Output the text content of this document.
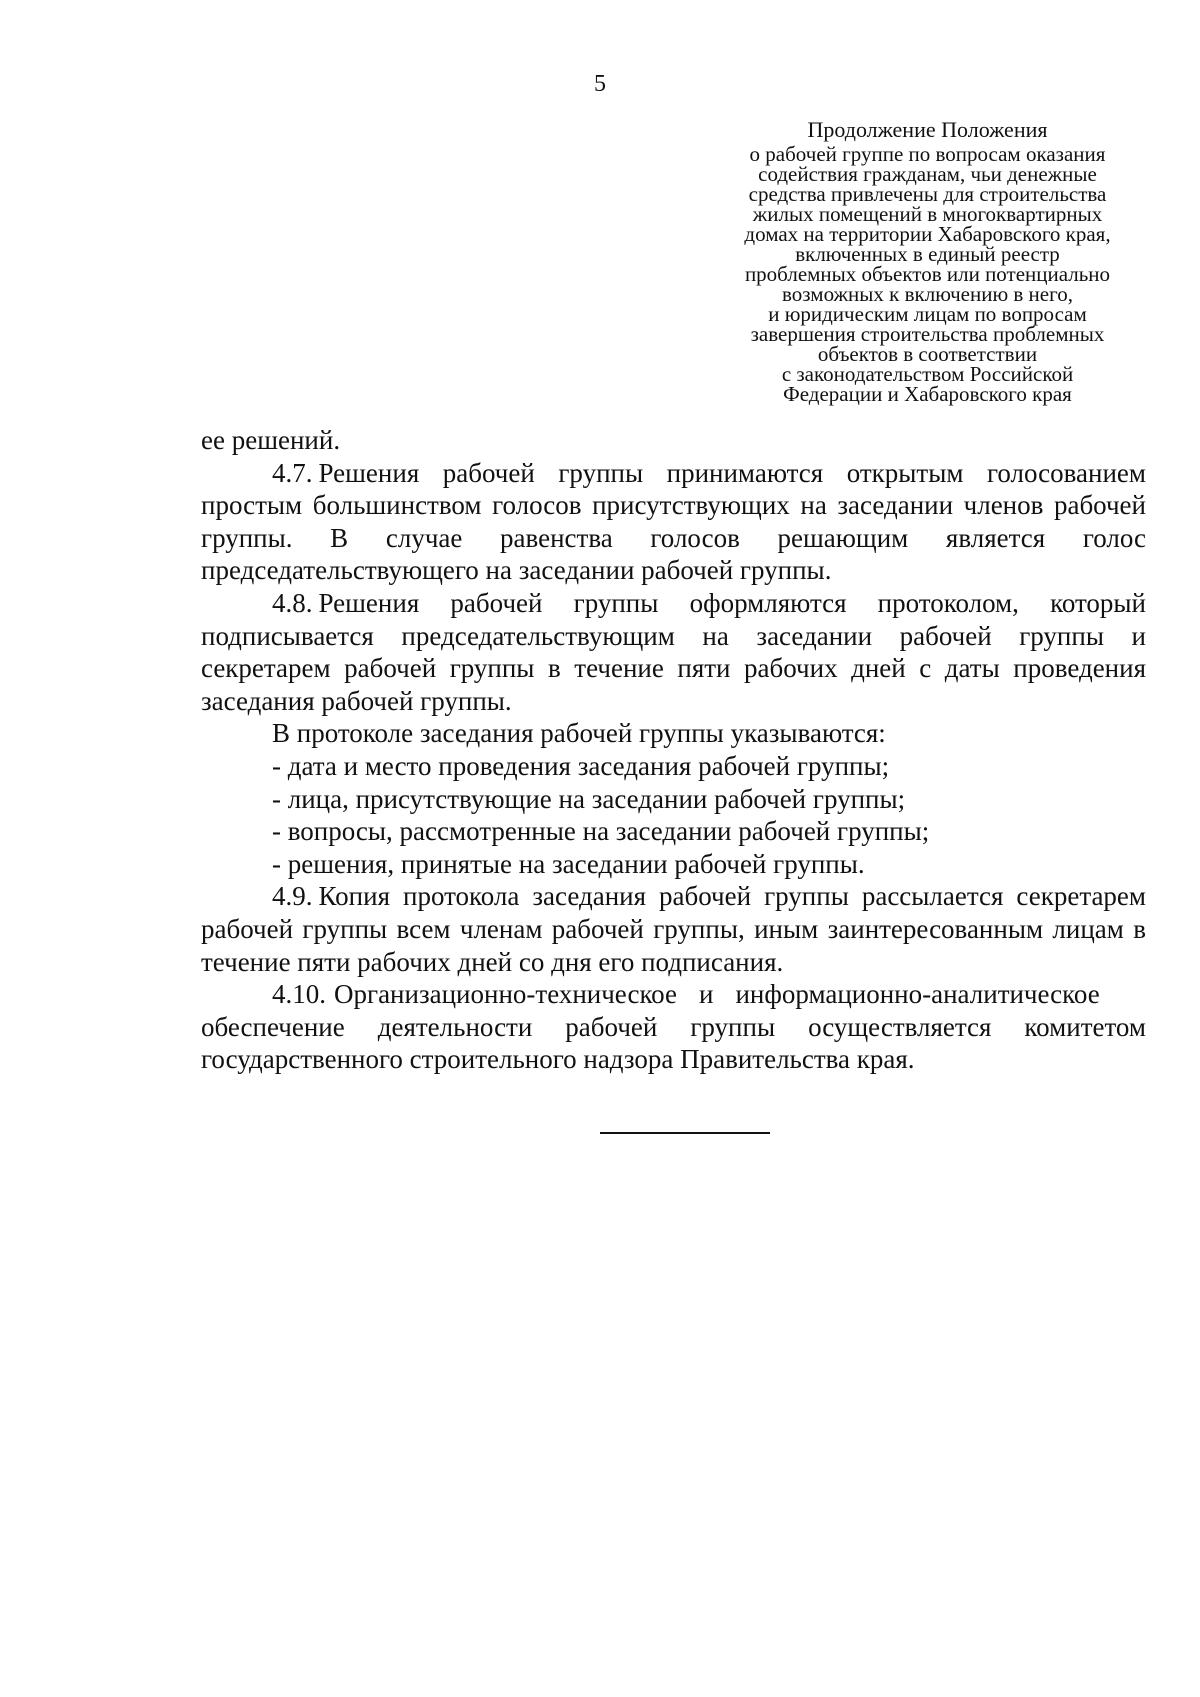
5
Продолжение Положения
о рабочей группе по вопросам оказания
содействия гражданам, чьи денежные
средства привлечены для строительства
жилых помещений в многоквартирных
домах на территории Хабаровского края,
включенных в единый реестр
проблемных объектов или потенциально
возможных к включению в него,
и юридическим лицам по вопросам
завершения строительства проблемных
объектов в соответствии
с законодательством Российской
Федерации и Хабаровского края

ее решений.

4.7. Решения рабочей группы принимаются открытым голосованием простым большинством голосов присутствующих на заседании членов рабочей группы. В случае равенства голосов решающим является голос председательствующего на заседании рабочей группы.

4.8. Решения рабочей группы оформляются протоколом, который подписывается председательствующим на заседании рабочей группы и секретарем рабочей группы в течение пяти рабочих дней с даты проведения заседания рабочей группы.

В протоколе заседания рабочей группы указываются:

- дата и место проведения заседания рабочей группы;

- лица, присутствующие на заседании рабочей группы;

- вопросы, рассмотренные на заседании рабочей группы;

- решения, принятые на заседании рабочей группы.

4.9. Копия протокола заседания рабочей группы рассылается секретарем рабочей группы всем членам рабочей группы, иным заинтересованным лицам в течение пяти рабочих дней со дня его подписания.

4.10. Организационно-техническое и информационно-аналитическое обеспечение деятельности рабочей группы осуществляется комитетом государственного строительного надзора Правительства края.
